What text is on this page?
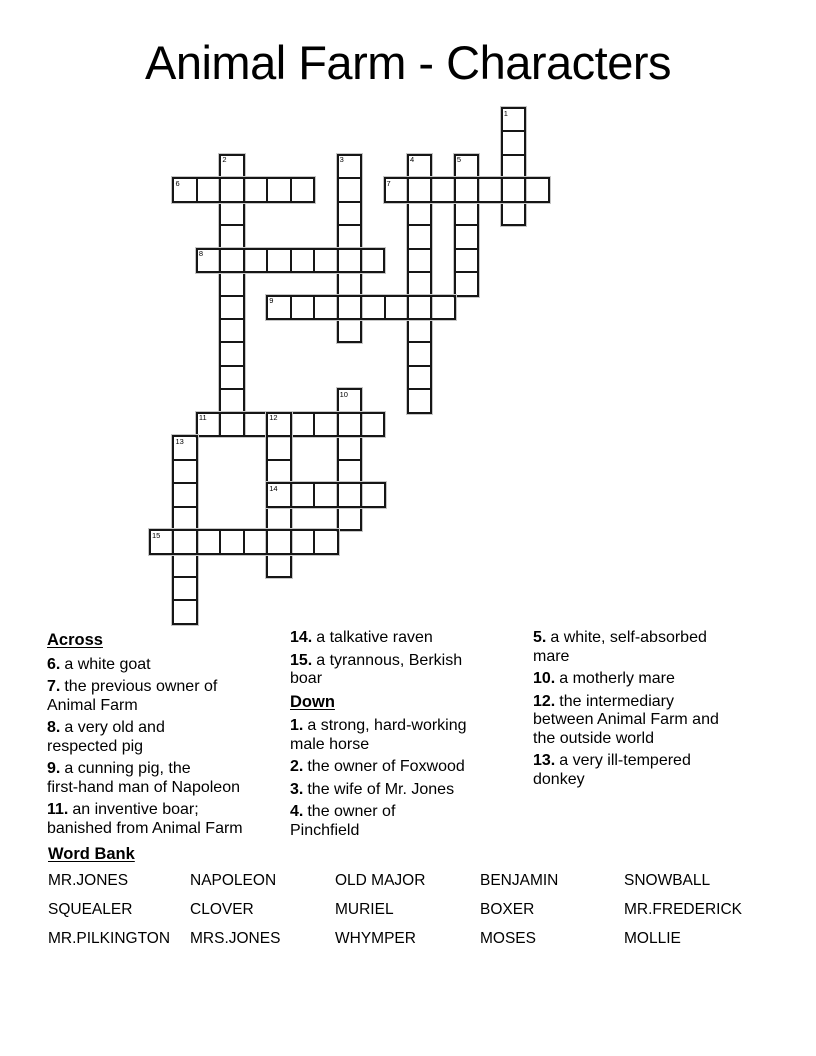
Animal Farm - Characters
1
2	3	4	5
6	7
8
9
10
11	12
13
14
15
Across
6. a white goat
7. the previous owner of
Animal Farm
8. a very old and
respected pig
9. a cunning pig, the
first-hand man of Napoleon
11. an inventive boar;
banished from Animal Farm
14. a talkative raven
15. a tyrannous, Berkish
boar
Down
1. a strong, hard-working
male horse
2. the owner of Foxwood
3. the wife of Mr. Jones
4. the owner of
Pinchfield
5. a white, self-absorbed
mare
10. a motherly mare
12. the intermediary
between Animal Farm and
the outside world
13. a very ill-tempered
donkey
Word Bank
MR.JONES	NAPOLEON	OLD MAJOR	BENJAMIN	SNOWBALL
SQUEALER	CLOVER	MURIEL	BOXER	MR.FREDERICK
MR.PILKINGTON	MRS.JONES	WHYMPER	MOSES	MOLLIE
